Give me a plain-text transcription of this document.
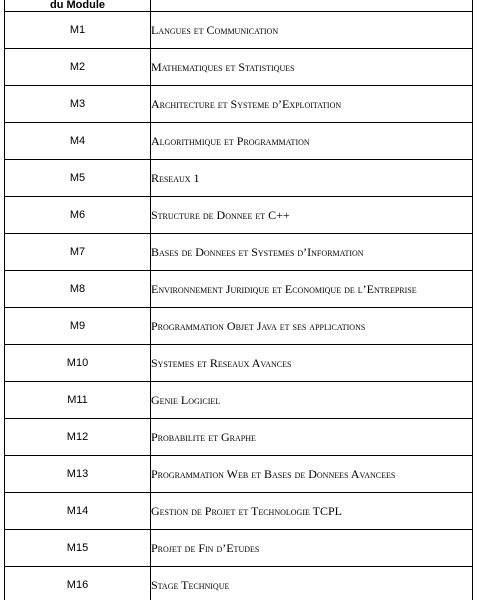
du Module	
M1	Langues et Communication
M2	Mathematiques et Statistiques
M3	Architecture et Systeme d’Exploitation
M4	Algorithmique et Programmation
M5	Reseaux 1
M6	Structure de Donnee et C++
M7	Bases de Donnees et Systemes d’Information
M8	Environnement Juridique et Economique de l’Entreprise
M9	Programmation Objet Java et ses applications
M10	Systemes et Reseaux Avances
M11	Genie Logiciel
M12	Probabilite et Graphe
M13	Programmation Web et Bases de Donnees Avancees
M14	Gestion de Projet et Technologie TCPL
M15	Projet de Fin d’Etudes
M16	Stage Technique
